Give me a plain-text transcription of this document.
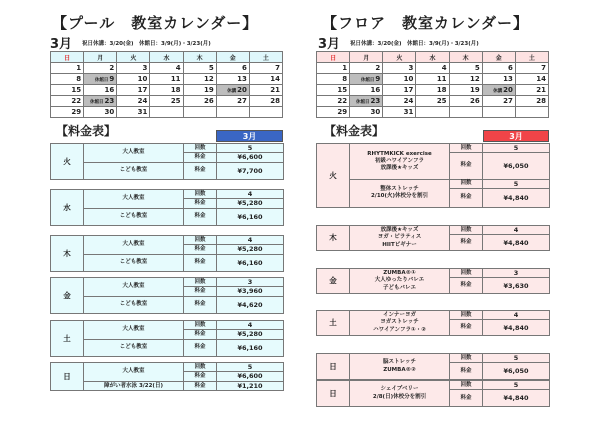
【プール　教室カレンダー】
3月 祝日休講：3/20(金)　休館日：3/9(月)・3/23(月)
日	月	火	水	木	金	土
1	2	3	4	5	6	7
8	休館日9	10	11	12	13	14
15	16	17	18	19	休講20	21
22	休館日23	24	25	26	27	28
29	30	31				
【料金表】	3月
火	大人教室	回数	5
		料金	¥6,600
	こども教室	料金	¥7,700
水	大人教室	回数	4
		料金	¥5,280
	こども教室	料金	¥6,160
木	大人教室	回数	4
		料金	¥5,280
	こども教室	料金	¥6,160
金	大人教室	回数	3
		料金	¥3,960
	こども教室	料金	¥4,620
土	大人教室	回数	4
		料金	¥5,280
	こども教室	料金	¥6,160
日	大人教室	回数	5
		料金	¥6,600
	障がい者水泳 3/22(日)	料金	¥1,210
【フロア　教室カレンダー】
3月 祝日休講：3/20(金)　休館日：3/9(月)・3/23(月)
日	月	火	水	木	金	土
1	2	3	4	5	6	7
8	休館日9	10	11	12	13	14
15	16	17	18	19	休講20	21
22	休館日23	24	25	26	27	28
29	30	31				
【料金表】	3月
火	RHYTMKICK exercise
初級ハワイアンフラ
放課後★キッズ	回数	5
		料金	¥6,050

	整体ストレッチ
2/10(火)休校分を割引	回数	5
		料金	¥4,840
木	放課後★キッズ
ヨガ・ピラティス
HIITビギナー	回数	4
		料金	¥4,840
金	ZUMBA®①
大人ゆったりバレエ
子どもバレエ	回数	3
		料金	¥3,630
土	インナーヨガ
ヨガストレッチ
ハワイアンフラ①・②	回数	4
		料金	¥4,840
日	脳ストレッチ
ZUMBA®②	回数	5
		料金	¥6,050
日	シェイプベリー
2/8(日)休校分を割引	回数	5
		料金	¥4,840
